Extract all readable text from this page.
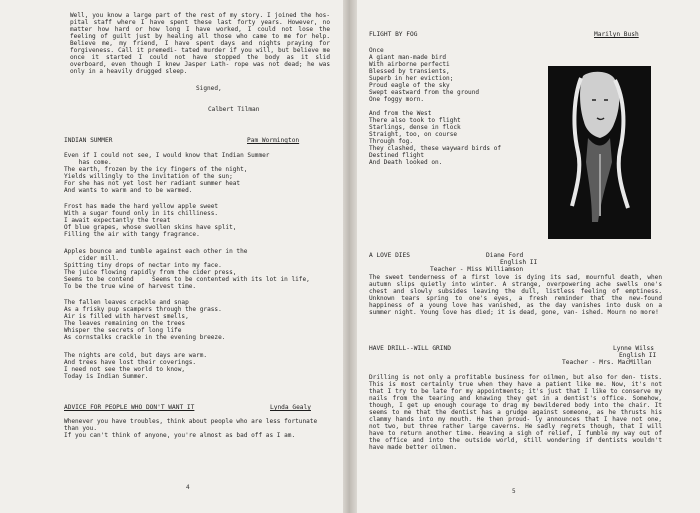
Well, you know a large part of the rest of my story. I joined the hos- pital staff where I have spent these last forty years. However, no matter how hard or how long I have worked, I could not lose the feeling of guilt just by healing all those who came to me for help. Believe me, my friend, I have spent days and nights praying for forgiveness. Call it premedi- tated murder if you will, but believe me once it started I could not have stopped the body as it slid overboard, even though I knew Jasper Lath- rope was not dead; he was only in a heavily drugged sleep.
Signed,
Calbert Tilman
INDIAN SUMMER	Pam Wormington
Even if I could not see, I would know that Indian Summer
has come.
The earth, frozen by the icy fingers of the night,
Yields willingly to the invitation of the sun;
For she has not yet lost her radiant summer heat
And wants to warm and to be warmed.
Frost has made the hard yellow apple sweet
With a sugar found only in its chilliness.
I await expectantly the treat
Of blue grapes, whose swollen skins have split,
Filling the air with tangy fragrance.
Apples bounce and tumble against each other in the
cider mill.
Spitting tiny drops of nectar into my face.
The juice flowing rapidly from the cider press,
Seems to be contend     Seems to be contented with its lot in life,
To be the true wine of harvest time.
The fallen leaves crackle and snap
As a frisky pup scampers through the grass.
Air is filled with harvest smells,
The leaves remaining on the trees
Whisper the secrets of long life
As cornstalks crackle in the evening breeze.
The nights are cold, but days are warm.
And trees have lost their coverings.
I need not see the world to know,
Today is Indian Summer.
ADVICE FOR PEOPLE WHO DON'T WANT IT	Lynda Gealy
Whenever you have troubles, think about people who are less fortunate
than you.
If you can't think of anyone, you're almost as bad off as I am.
4
FLIGHT BY FOG	Marilyn Bush
Once
A giant man-made bird
With airborne perfecti
Blessed by transients,
Superb in her eviction;
Proud eagle of the sky
Swept eastward from the ground
One foggy morn.
And from the West
There also took to flight
Starlings, dense in flock
Straight, too, on course
Through fog.
They clashed, these wayward birds of
Destined flight
And Death looked on.
A LOVE DIES	Diane Ford
English II
Teacher - Miss Williamson
The sweet tenderness of a first love is dying its sad, mournful death, when autumn slips quietly into winter. A strange, overpowering ache swells one's chest and slowly subsides leaving the dull, listless feeling of emptiness. Unknown tears spring to one's eyes, a fresh reminder that the new-found happiness of a young love has vanished, as the day vanishes into dusk on a summer night. Young love has died; it is dead, gone, van- ished. Mourn no more!
HAVE DRILL--WILL GRIND	Lynne Wilss
English II
Teacher - Mrs. MacMillan
Drilling is not only a profitable business for oilmen, but also for den- tists. This is most certainly true when they have a patient like me. Now, it's not that I try to be late for my appointments; it's just that I like to conserve my nails from the tearing and knawing they get in a dentist's office. Somehow, though, I get up enough courage to drag my bewildered body into the chair. It seems to me that the dentist has a grudge against someone, as he thrusts his clammy hands into my mouth. He then proud- ly announces that I have not one, not two, but three rather large caverns. He sadly regrets though, that I will have to return another time. Heaving a sigh of relief, I fumble my way out of the office and into the outside world, still wondering if dentists wouldn't have made better oilmen.
5
